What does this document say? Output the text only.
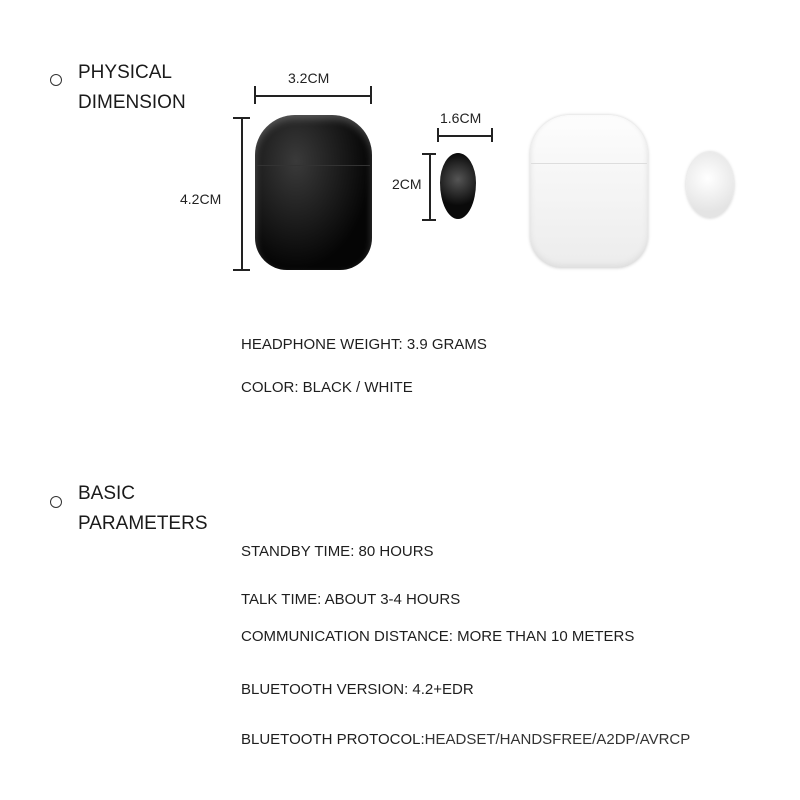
PHYSICAL
DIMENSION
3.2CM
4.2CM
1.6CM
2CM
HEADPHONE WEIGHT: 3.9 GRAMS
COLOR: BLACK / WHITE
BASIC
PARAMETERS
STANDBY TIME: 80 HOURS
TALK TIME: ABOUT 3-4 HOURS
COMMUNICATION DISTANCE: MORE THAN 10 METERS
BLUETOOTH VERSION: 4.2+EDR
BLUETOOTH PROTOCOL:HEADSET/HANDSFREE/A2DP/AVRCP
